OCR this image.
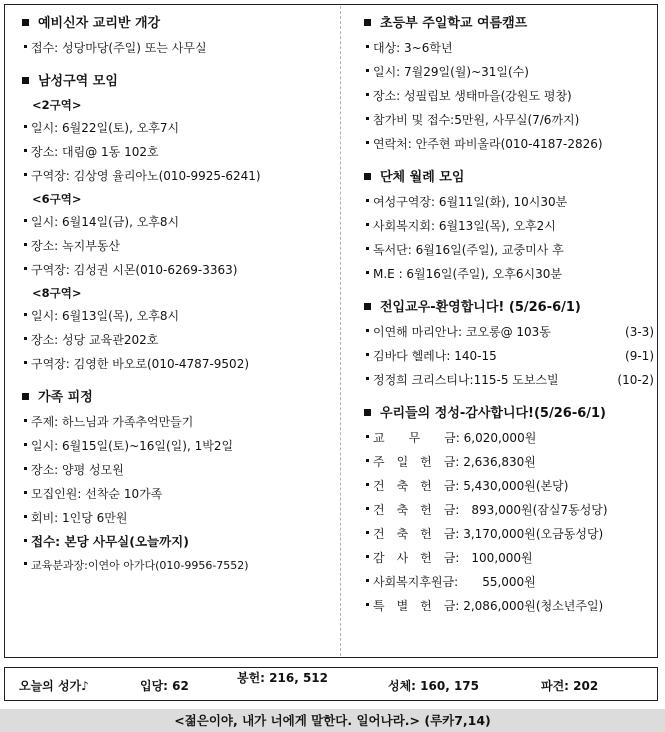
예비신자 교리반 개강
접수: 성당마당(주일) 또는 사무실
남성구역 모임
<2구역>
일시: 6월22일(토), 오후7시
장소: 대림@ 1동 102호
구역장: 김상영 율리아노(010-9925-6241)
<6구역>
일시: 6월14일(금), 오후8시
장소: 녹지부동산
구역장: 김성권 시몬(010-6269-3363)
<8구역>
일시: 6월13일(목), 오후8시
장소: 성당 교육관202호
구역장: 김영한 바오로(010-4787-9502)
가족 피정
주제: 하느님과 가족추억만들기
일시: 6월15일(토)~16일(일), 1박2일
장소: 양평 성모원
모집인원: 선착순 10가족
회비: 1인당 6만원
접수: 본당 사무실(오늘까지)
교육분과장:이연아 아가다(010-9956-7552)
초등부 주일학교 여름캠프
대상: 3~6학년
일시: 7월29일(월)~31일(수)
장소: 성필립보 생태마을(강원도 평창)
참가비 및 접수:5만원, 사무실(7/6까지)
연락처: 안주현 파비올라(010-4187-2826)
단체 월례 모임
여성구역장: 6월11일(화), 10시30분
사회복지회: 6월13일(목), 오후2시
독서단: 6월16일(주일), 교중미사 후
M.E : 6월16일(주일), 오후6시30분
전입교우-환영합니다! (5/26-6/1)
이연해 마리안나: 코오롱@ 103동	(3-3)
김바다 헬레나: 140-15	(9-1)
정정희 크리스티나:115-5 도보스빌	(10-2)
우리들의 정성-감사합니다!(5/26-6/1)
교　　무　　금: 6,020,000원
주　일　헌　금: 2,636,830원
건　축　헌　금: 5,430,000원(본당)
건　축　헌　금:　893,000원(잠실7동성당)
건　축　헌　금: 3,170,000원(오금동성당)
감　사　헌　금:　100,000원
사회복지후원금:　　55,000원
특　별　헌　금: 2,086,000원(청소년주일)
오늘의 성가♪	입당: 62
봉헌: 216, 512
성체: 160, 175	파견: 202
<젊은이야, 내가 너에게 말한다. 일어나라.> (루카7,14)
